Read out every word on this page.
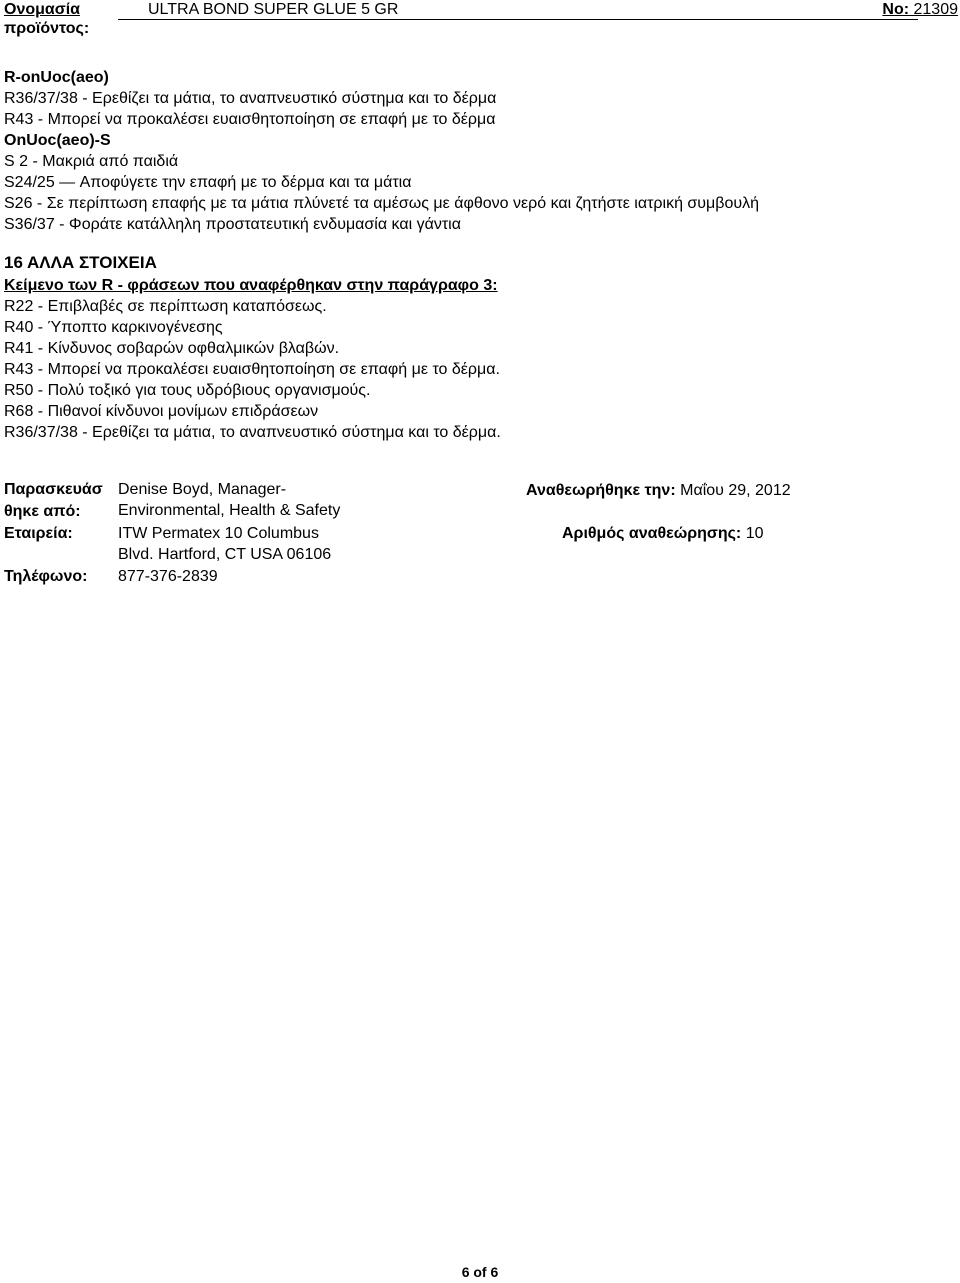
Ονομασία
προϊόντος:
ULTRA BOND SUPER GLUE 5 GR	No: 21309
R-onUoc(aeo)
R36/37/38 - Ερεθίζει τα μάτια, το αναπνευστικό σύστημα και το δέρμα
R43 - Μπορεί να προκαλέσει ευαισθητοποίηση σε επαφή με το δέρμα
OnUoc(aeo)-S
S 2 - Μακριά από παιδιά
S24/25 — Αποφύγετε την επαφή με το δέρμα και τα μάτια
S26 - Σε περίπτωση επαφής με τα μάτια πλύνετέ τα αμέσως με άφθονο νερό και ζητήστε ιατρική συμβουλή
S36/37 - Φοράτε κατάλληλη προστατευτική ενδυμασία και γάντια
16 ΑΛΛΑ ΣΤΟΙΧΕΙΑ
Κείμενο των R - φράσεων που αναφέρθηκαν στην παράγραφο 3:
R22 - Επιβλαβές σε περίπτωση καταπόσεως.
R40 - Ύποπτο καρκινογένεσης
R41 - Κίνδυνος σοβαρών οφθαλμικών βλαβών.
R43 - Μπορεί να προκαλέσει ευαισθητοποίηση σε επαφή με το δέρμα.
R50 - Πολύ τοξικό για τους υδρόβιους οργανισμούς.
R68 - Πιθανοί κίνδυνοι μονίμων επιδράσεων
R36/37/38 - Ερεθίζει τα μάτια, το αναπνευστικό σύστημα και το δέρμα.
Παρασκευάσ
θηκε από:
Denise Boyd, Manager-
Environmental, Health & Safety
Εταιρεία:	ITW Permatex 10 Columbus
Blvd. Hartford, CT USA 06106
Τηλέφωνο: 877-376-2839
Αναθεωρήθηκε την: Μαΐου 29, 2012
Αριθμός αναθεώρησης: 10
6 of 6
